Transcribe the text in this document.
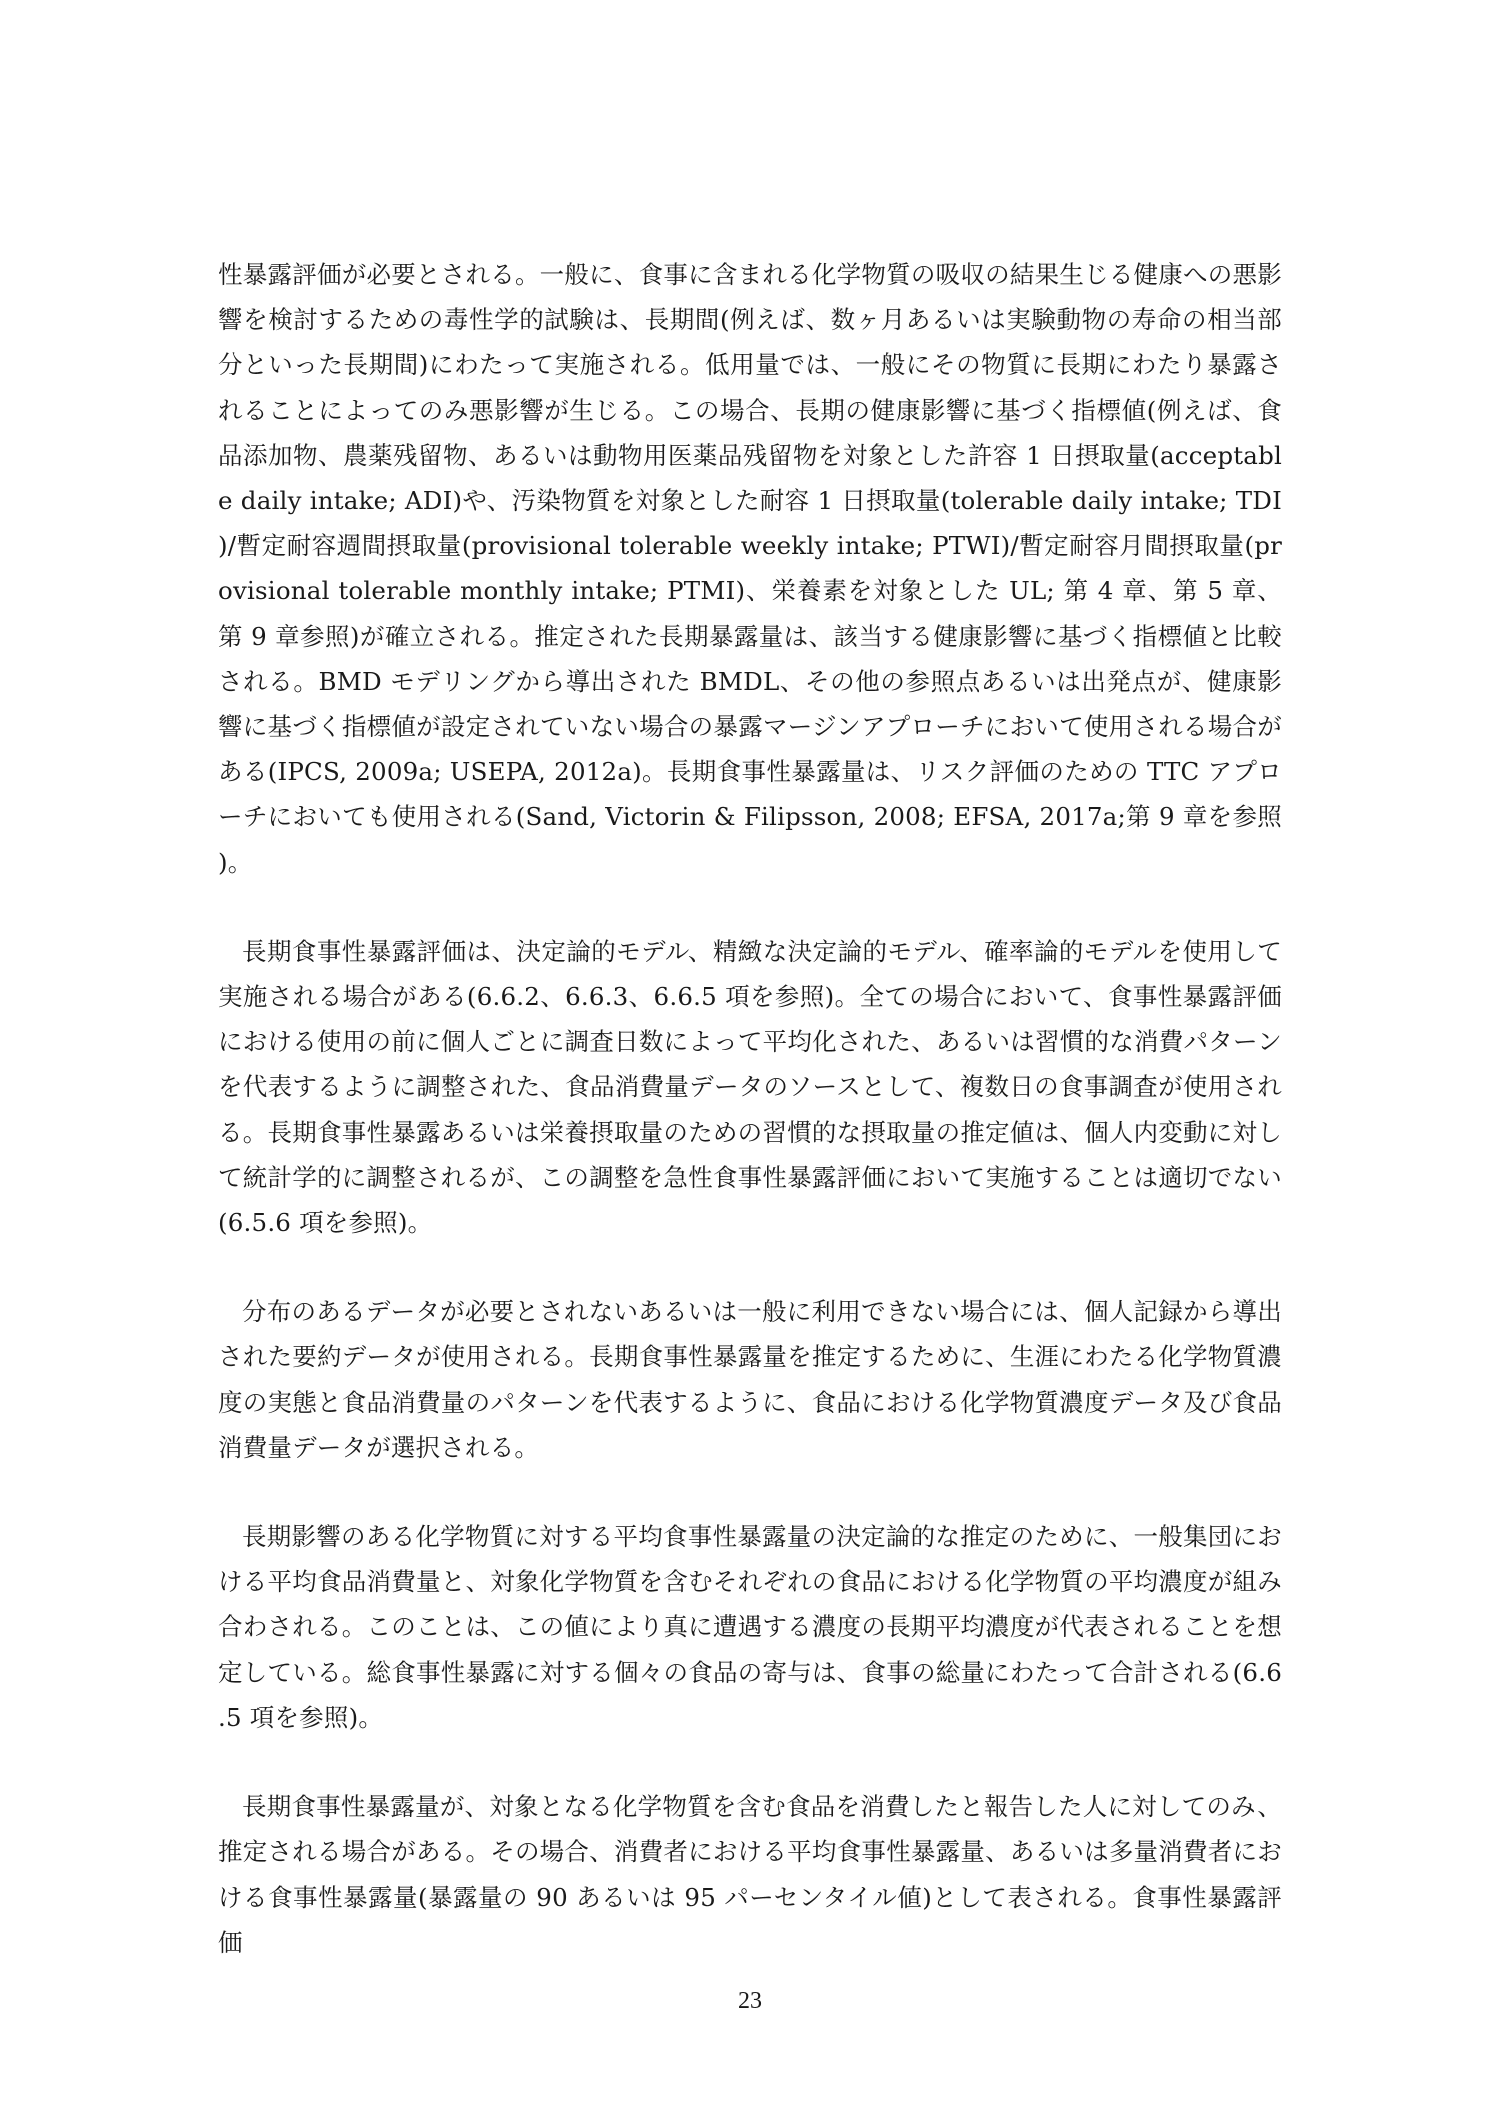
性暴露評価が必要とされる。一般に、食事に含まれる化学物質の吸収の結果生じる健康への悪影響を検討するための毒性学的試験は、長期間(例えば、数ヶ月あるいは実験動物の寿命の相当部分といった長期間)にわたって実施される。低用量では、一般にその物質に長期にわたり暴露されることによってのみ悪影響が生じる。この場合、長期の健康影響に基づく指標値(例えば、食品添加物、農薬残留物、あるいは動物用医薬品残留物を対象とした許容 1 日摂取量(acceptable daily intake; ADI)や、汚染物質を対象とした耐容 1 日摂取量(tolerable daily intake; TDI)/暫定耐容週間摂取量(provisional tolerable weekly intake; PTWI)/暫定耐容月間摂取量(provisional tolerable monthly intake; PTMI)、栄養素を対象とした UL; 第 4 章、第 5 章、第 9 章参照)が確立される。推定された長期暴露量は、該当する健康影響に基づく指標値と比較される。BMD モデリングから導出された BMDL、その他の参照点あるいは出発点が、健康影響に基づく指標値が設定されていない場合の暴露マージンアプローチにおいて使用される場合がある(IPCS, 2009a; USEPA, 2012a)。長期食事性暴露量は、リスク評価のための TTC アプローチにおいても使用される(Sand, Victorin & Filipsson, 2008; EFSA, 2017a;第 9 章を参照)。

長期食事性暴露評価は、決定論的モデル、精緻な決定論的モデル、確率論的モデルを使用して実施される場合がある(6.6.2、6.6.3、6.6.5 項を参照)。全ての場合において、食事性暴露評価における使用の前に個人ごとに調査日数によって平均化された、あるいは習慣的な消費パターンを代表するように調整された、食品消費量データのソースとして、複数日の食事調査が使用される。長期食事性暴露あるいは栄養摂取量のための習慣的な摂取量の推定値は、個人内変動に対して統計学的に調整されるが、この調整を急性食事性暴露評価において実施することは適切でない(6.5.6 項を参照)。

分布のあるデータが必要とされないあるいは一般に利用できない場合には、個人記録から導出された要約データが使用される。長期食事性暴露量を推定するために、生涯にわたる化学物質濃度の実態と食品消費量のパターンを代表するように、食品における化学物質濃度データ及び食品消費量データが選択される。

長期影響のある化学物質に対する平均食事性暴露量の決定論的な推定のために、一般集団における平均食品消費量と、対象化学物質を含むそれぞれの食品における化学物質の平均濃度が組み合わされる。このことは、この値により真に遭遇する濃度の長期平均濃度が代表されることを想定している。総食事性暴露に対する個々の食品の寄与は、食事の総量にわたって合計される(6.6.5 項を参照)。

長期食事性暴露量が、対象となる化学物質を含む食品を消費したと報告した人に対してのみ、推定される場合がある。その場合、消費者における平均食事性暴露量、あるいは多量消費者における食事性暴露量(暴露量の 90 あるいは 95 パーセンタイル値)として表される。食事性暴露評価

23
